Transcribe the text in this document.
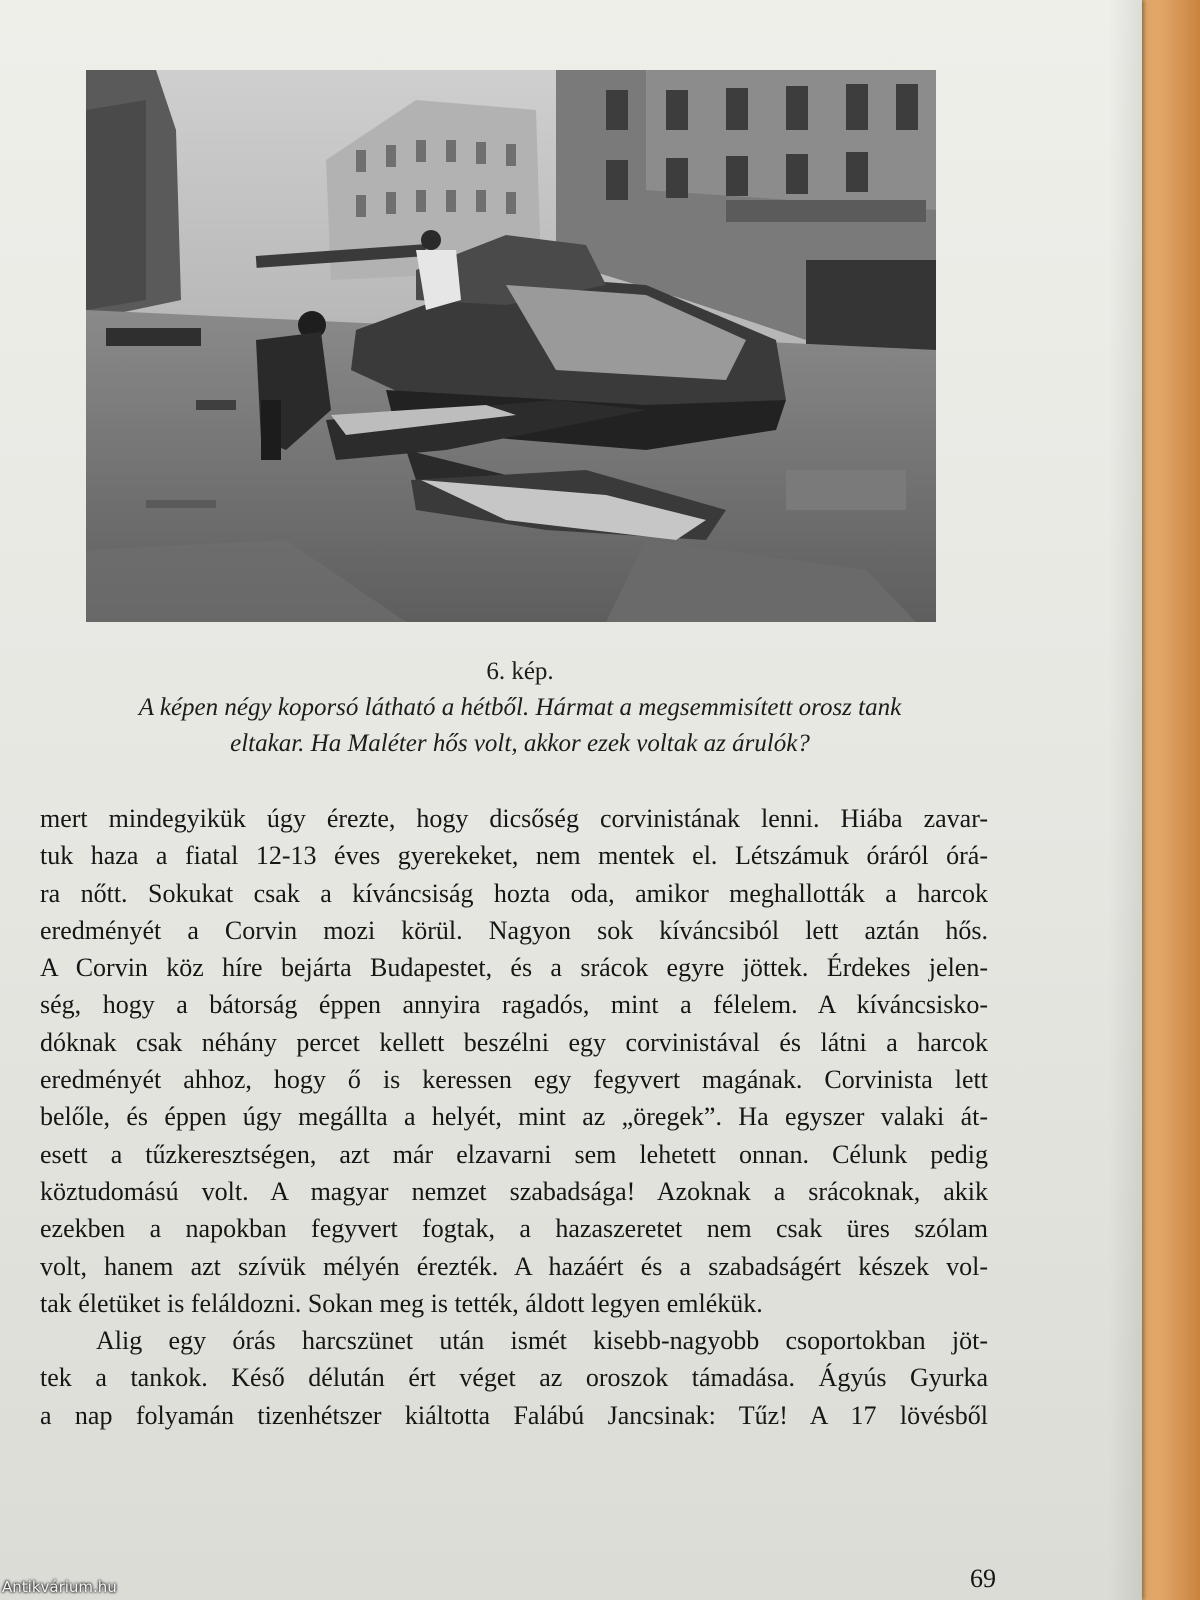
6. kép.
A képen négy koporsó látható a hétből. Hármat a megsemmisített orosz tank
eltakar. Ha Maléter hős volt, akkor ezek voltak az árulók?
mert mindegyikük úgy érezte, hogy dicsőség corvinistának lenni. Hiába zavar-
tuk haza a fiatal 12-13 éves gyerekeket, nem mentek el. Létszámuk óráról órá-
ra nőtt. Sokukat csak a kíváncsiság hozta oda, amikor meghallották a harcok
eredményét a Corvin mozi körül. Nagyon sok kíváncsiból lett aztán hős.
A Corvin köz híre bejárta Budapestet, és a srácok egyre jöttek. Érdekes jelen-
ség, hogy a bátorság éppen annyira ragadós, mint a félelem. A kíváncsisko-
dóknak csak néhány percet kellett beszélni egy corvinistával és látni a harcok
eredményét ahhoz, hogy ő is keressen egy fegyvert magának. Corvinista lett
belőle, és éppen úgy megállta a helyét, mint az „öregek”. Ha egyszer valaki át-
esett a tűzkeresztségen, azt már elzavarni sem lehetett onnan. Célunk pedig
köztudomású volt. A magyar nemzet szabadsága! Azoknak a srácoknak, akik
ezekben a napokban fegyvert fogtak, a hazaszeretet nem csak üres szólam
volt, hanem azt szívük mélyén érezték. A hazáért és a szabadságért készek vol-
tak életüket is feláldozni. Sokan meg is tették, áldott legyen emlékük.
Alig egy órás harcszünet után ismét kisebb-nagyobb csoportokban jöt-
tek a tankok. Késő délután ért véget az oroszok támadása. Ágyús Gyurka
a nap folyamán tizenhétszer kiáltotta Falábú Jancsinak: Tűz! A 17 lövésből
69
Antikvárium.hu
